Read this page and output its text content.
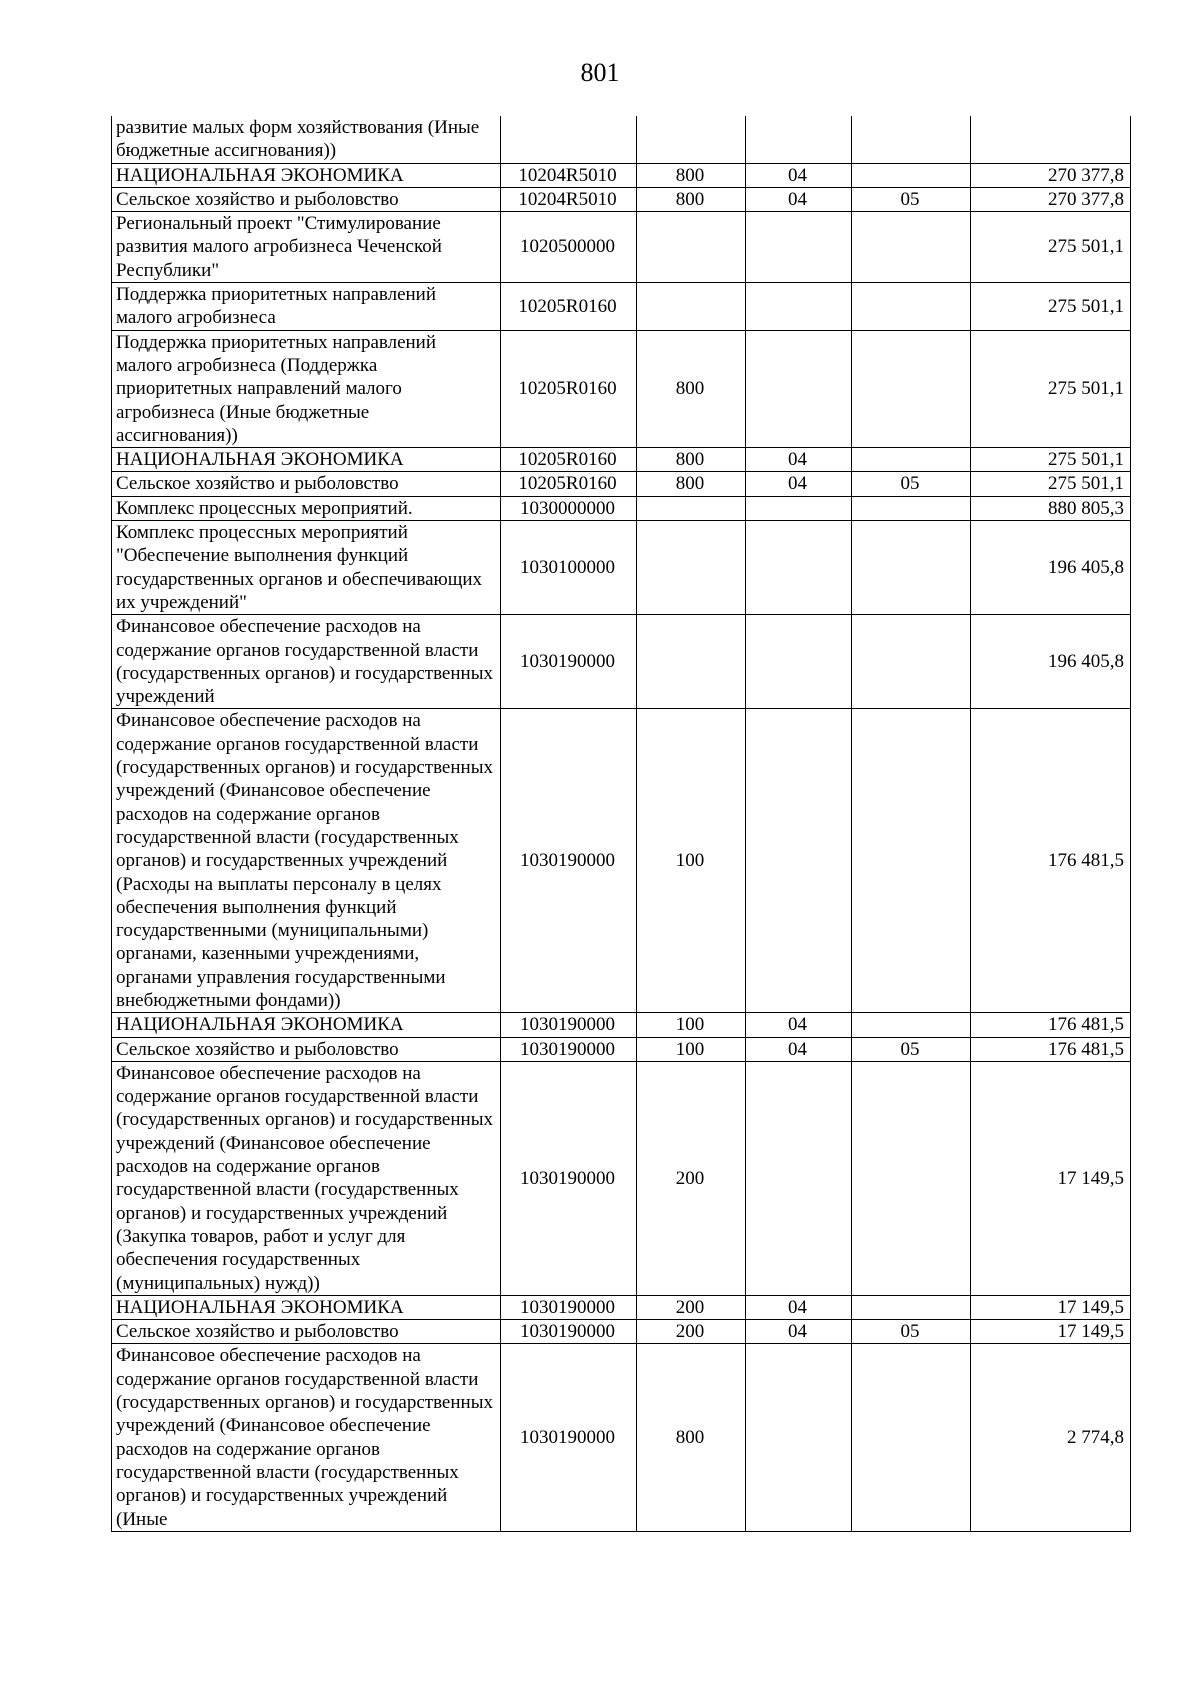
801
развитие малых форм хозяйствования (Иные бюджетные ассигнования))					
НАЦИОНАЛЬНАЯ ЭКОНОМИКА	10204R5010	800	04		270 377,8
Сельское хозяйство и рыболовство	10204R5010	800	04	05	270 377,8
Региональный проект "Стимулирование развития малого агробизнеса Чеченской Республики"	1020500000				275 501,1
Поддержка приоритетных направлений малого агробизнеса	10205R0160				275 501,1
Поддержка приоритетных направлений малого агробизнеса (Поддержка приоритетных направлений малого агробизнеса (Иные бюджетные ассигнования))	10205R0160	800			275 501,1
НАЦИОНАЛЬНАЯ ЭКОНОМИКА	10205R0160	800	04		275 501,1
Сельское хозяйство и рыболовство	10205R0160	800	04	05	275 501,1
Комплекс процессных мероприятий.	1030000000				880 805,3
Комплекс процессных мероприятий "Обеспечение выполнения функций государственных органов и обеспечивающих их учреждений"	1030100000				196 405,8
Финансовое обеспечение расходов на содержание органов государственной власти (государственных органов) и государственных учреждений	1030190000				196 405,8
Финансовое обеспечение расходов на содержание органов государственной власти (государственных органов) и государственных учреждений (Финансовое обеспечение расходов на содержание органов государственной власти (государственных органов) и государственных учреждений (Расходы на выплаты персоналу в целях обеспечения выполнения функций государственными (муниципальными) органами, казенными учреждениями, органами управления государственными внебюджетными фондами))	1030190000	100			176 481,5
НАЦИОНАЛЬНАЯ ЭКОНОМИКА	1030190000	100	04		176 481,5
Сельское хозяйство и рыболовство	1030190000	100	04	05	176 481,5
Финансовое обеспечение расходов на содержание органов государственной власти (государственных органов) и государственных учреждений (Финансовое обеспечение расходов на содержание органов государственной власти (государственных органов) и государственных учреждений (Закупка товаров, работ и услуг для обеспечения государственных (муниципальных) нужд))	1030190000	200			17 149,5
НАЦИОНАЛЬНАЯ ЭКОНОМИКА	1030190000	200	04		17 149,5
Сельское хозяйство и рыболовство	1030190000	200	04	05	17 149,5
Финансовое обеспечение расходов на содержание органов государственной власти (государственных органов) и государственных учреждений (Финансовое обеспечение расходов на содержание органов государственной власти (государственных органов) и государственных учреждений (Иные	1030190000	800			2 774,8
